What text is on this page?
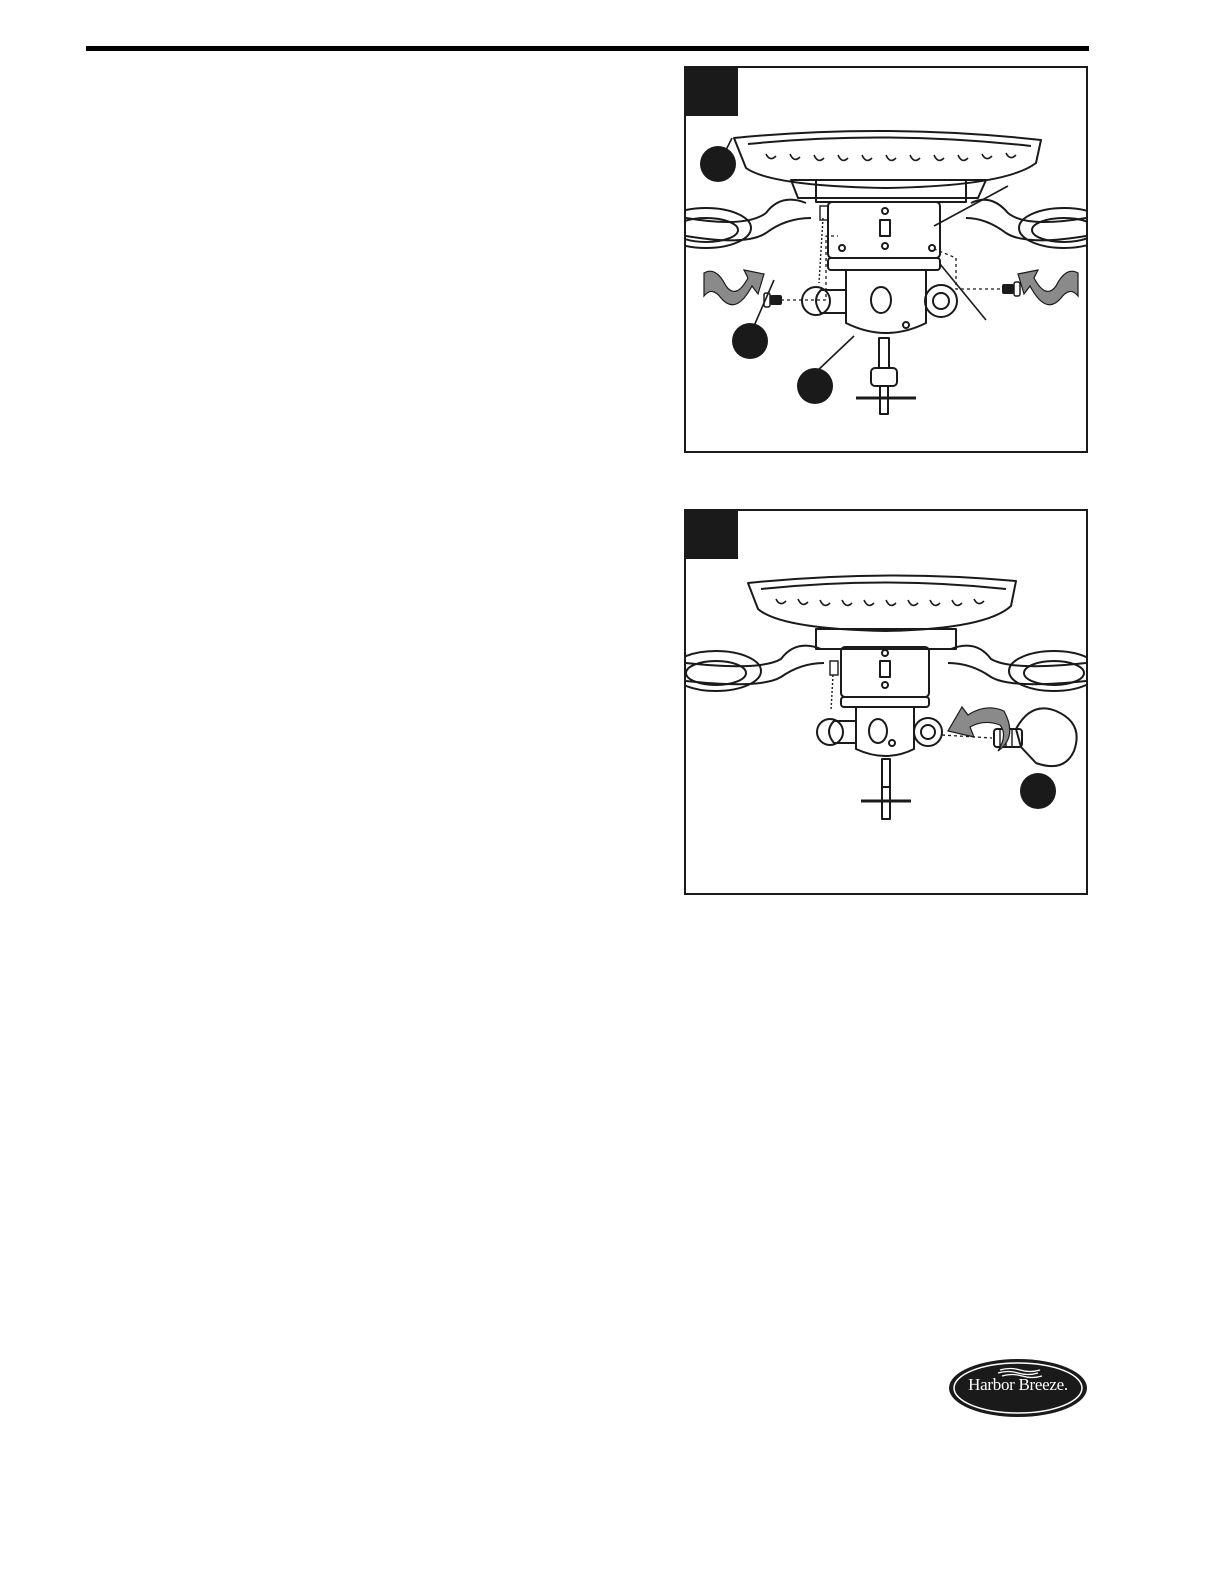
Harbor Breeze.
